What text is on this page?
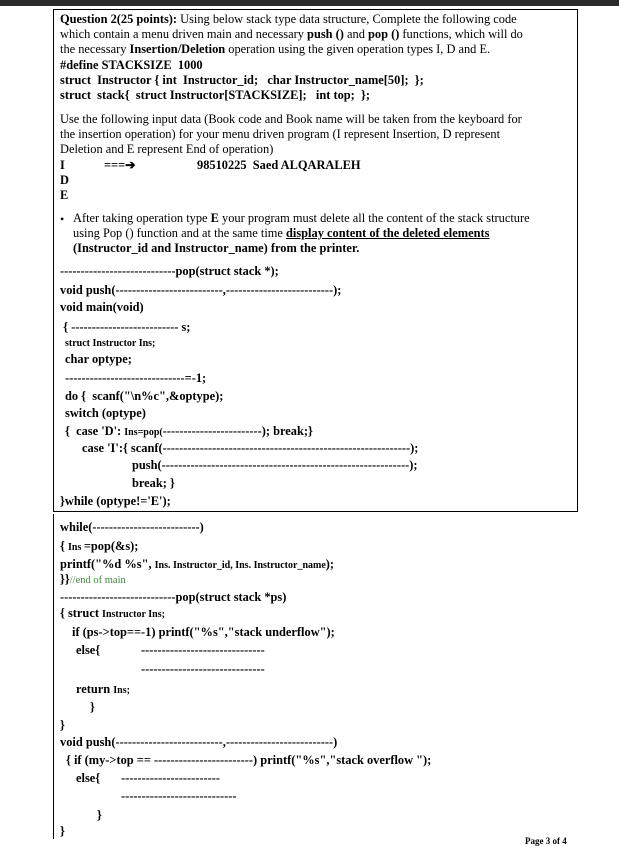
Question 2(25 points): Using below stack type data structure, Complete the following code
which contain a menu driven main and necessary push () and pop () functions, which will do
the necessary Insertion/Deletion operation using the given operation types I, D and E.
#define STACKSIZE  1000
struct  Instructor { int  Instructor_id;   char Instructor_name[50];  };
struct  stack{  struct Instructor[STACKSIZE];   int top;  };
Use the following input data (Book code and Book name will be taken from the keyboard for
the insertion operation) for your menu driven program (I represent Insertion, D represent
Deletion and E represent End of operation)
I	===➔	98510225  Saed ALQARALEH
D
E
• After taking operation type E your program must delete all the content of the stack structure
using Pop () function and at the same time display content of the deleted elements
(Instructor_id and Instructor_name) from the printer.
----------------------------pop(struct stack *);
void push(--------------------------,--------------------------);
void main(void)
{ -------------------------- s;
struct Instructor Ins;
char optype;
-----------------------------=-1;
do {  scanf("\n%c",&optype);
switch (optype)
{  case 'D': Ins=pop(------------------------); break;}
case 'I':{ scanf(------------------------------------------------------------);
push(------------------------------------------------------------);
break; }
}while (optype!='E');
while(--------------------------)
{ Ins =pop(&s);
printf("%d %s", Ins. Instructor_id, Ins. Instructor_name);
}}//end of main
----------------------------pop(struct stack *ps)
{ struct Instructor Ins;
if (ps->top==-1) printf("%s","stack underflow");
else{	------------------------------
------------------------------
return Ins;
}
}
void push(--------------------------,--------------------------)
{ if (my->top == ------------------------) printf("%s","stack overflow ");
else{ ------------------------
----------------------------
}
}
Page 3 of 4
